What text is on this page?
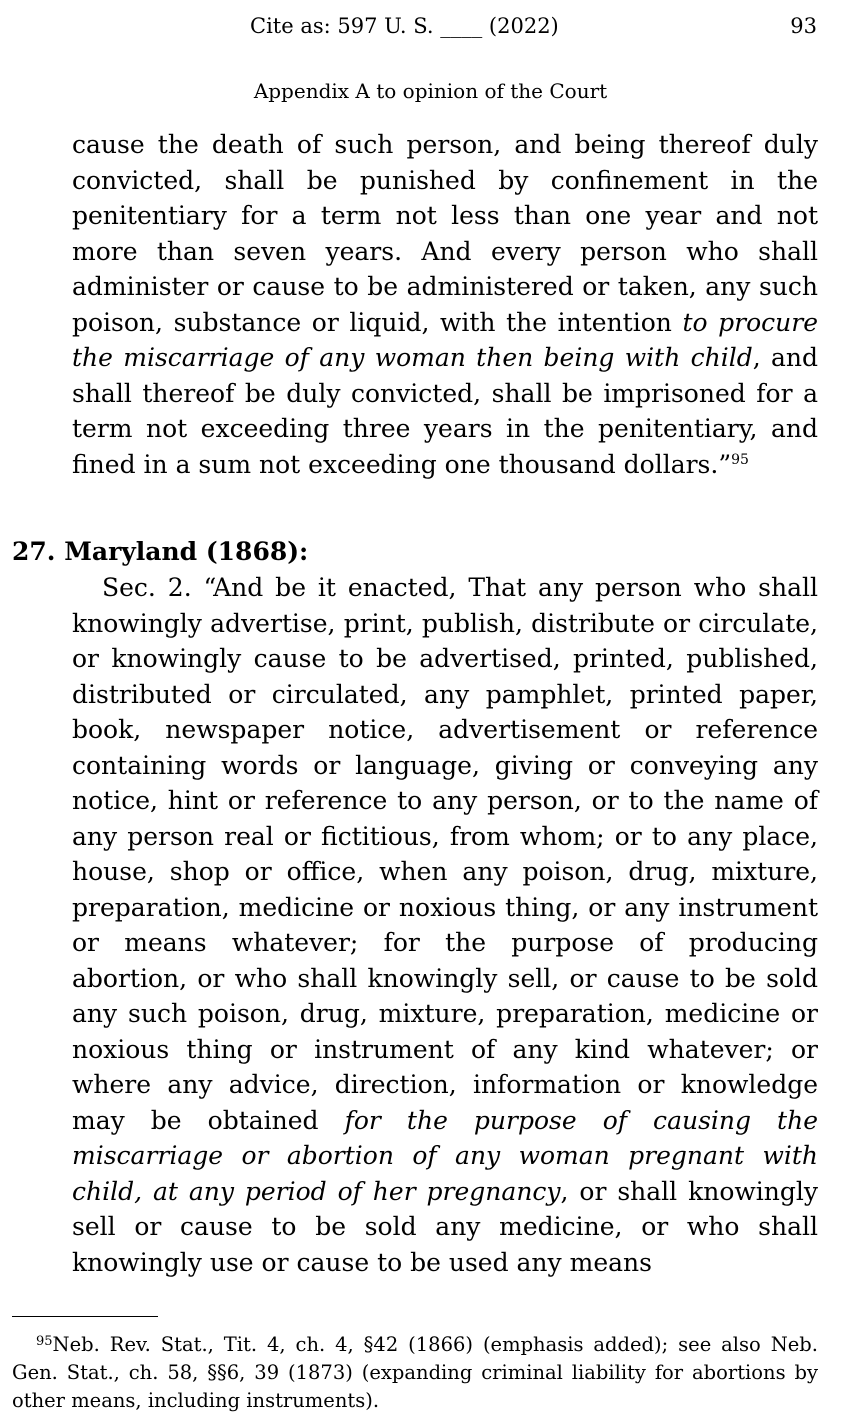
Cite as: 597 U. S. ____ (2022)	93
Appendix A to opinion of the Court
cause the death of such person, and being thereof duly convicted, shall be punished by confinement in the penitentiary for a term not less than one year and not more than seven years. And every person who shall administer or cause to be administered or taken, any such poison, substance or liquid, with the intention to procure the miscarriage of any woman then being with child, and shall thereof be duly convicted, shall be imprisoned for a term not exceeding three years in the penitentiary, and fined in a sum not exceeding one thousand dollars.”$^{95}$
27. Maryland (1868):
Sec. 2. “And be it enacted, That any person who shall knowingly advertise, print, publish, distribute or circulate, or knowingly cause to be advertised, printed, published, distributed or circulated, any pamphlet, printed paper, book, newspaper notice, advertisement or reference containing words or language, giving or conveying any notice, hint or reference to any person, or to the name of any person real or fictitious, from whom; or to any place, house, shop or office, when any poison, drug, mixture, preparation, medicine or noxious thing, or any instrument or means whatever; for the purpose of producing abortion, or who shall knowingly sell, or cause to be sold any such poison, drug, mixture, preparation, medicine or noxious thing or instrument of any kind whatever; or where any advice, direction, information or knowledge may be obtained for the purpose of causing the miscarriage or abortion of any woman pregnant with child, at any period of her pregnancy, or shall knowingly sell or cause to be sold any medicine, or who shall knowingly use or cause to be used any means
$^{95}$Neb. Rev. Stat., Tit. 4, ch. 4, §42 (1866) (emphasis added); see also Neb. Gen. Stat., ch. 58, §§6, 39 (1873) (expanding criminal liability for abortions by other means, including instruments).
